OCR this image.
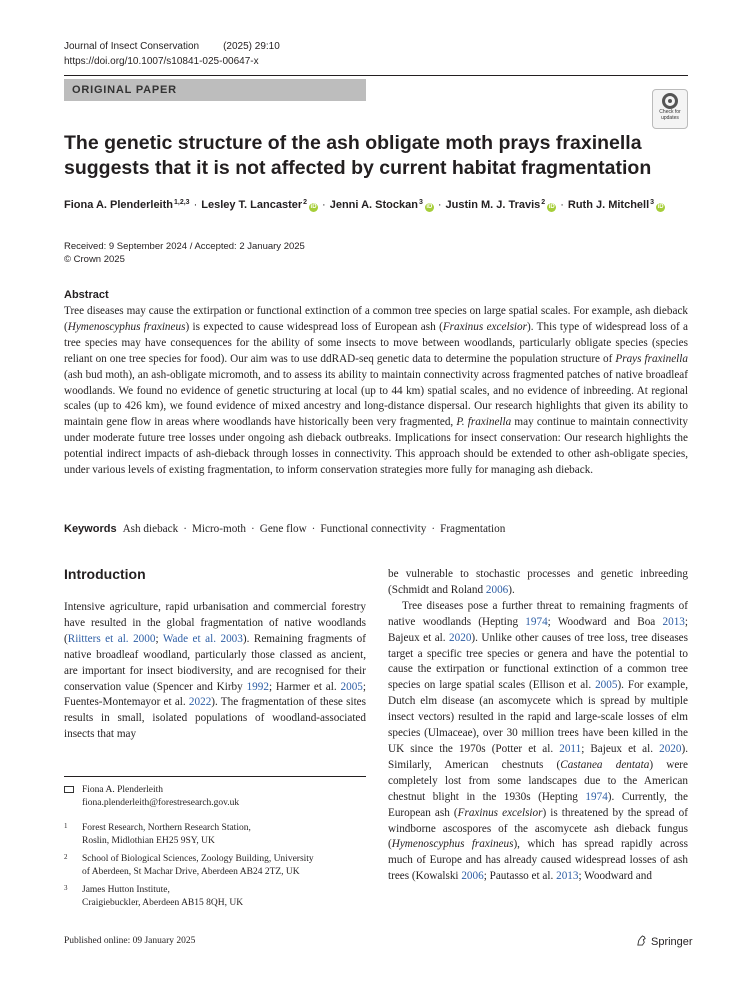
Journal of Insect Conservation (2025) 29:10
https://doi.org/10.1007/s10841-025-00647-x
ORIGINAL PAPER
Check for
updates
The genetic structure of the ash obligate moth prays fraxinella
suggests that it is not affected by current habitat fragmentation
Fiona A. Plenderleith$^{1,2,3}$ · Lesley T. Lancaster$^2$iD · Jenni A. Stockan$^3$iD · Justin M. J. Travis$^2$iD · Ruth J. Mitchell$^3$iD
Received: 9 September 2024 / Accepted: 2 January 2025
© Crown 2025
Abstract
Tree diseases may cause the extirpation or functional extinction of a common tree species on large spatial scales. For example, ash dieback (Hymenoscyphus fraxineus) is expected to cause widespread loss of European ash (Fraxinus excelsior). This type of widespread loss of a tree species may have consequences for the ability of some insects to move between woodlands, particularly obligate species (species reliant on one tree species for food). Our aim was to use ddRAD-seq genetic data to determine the population structure of Prays fraxinella (ash bud moth), an ash-obligate micromoth, and to assess its ability to maintain connectivity across fragmented patches of native broadleaf woodlands. We found no evidence of genetic structuring at local (up to 44 km) spatial scales, and no evidence of inbreeding. At regional scales (up to 426 km), we found evidence of mixed ancestry and long-distance dispersal. Our research highlights that given its ability to maintain gene flow in areas where woodlands have historically been very fragmented, P. fraxinella may continue to maintain connectivity under moderate future tree losses under ongoing ash dieback outbreaks. Implications for insect conservation: Our research highlights the potential indirect impacts of ash-dieback through losses in connectivity. This approach should be extended to other ash-obligate species, under various levels of existing fragmentation, to inform conservation strategies more fully for managing ash dieback.
Keywords Ash dieback · Micro-moth · Gene flow · Functional connectivity · Fragmentation
Introduction

Intensive agriculture, rapid urbanisation and commercial forestry have resulted in the global fragmentation of native woodlands (Riitters et al. 2000; Wade et al. 2003). Remaining fragments of native broadleaf woodland, particularly those classed as ancient, are important for insect biodiversity, and are recognised for their conservation value (Spencer and Kirby 1992; Harmer et al. 2005; Fuentes-Montemayor et al. 2022). The fragmentation of these sites results in small, isolated populations of woodland-associated insects that may

be vulnerable to stochastic processes and genetic inbreeding (Schmidt and Roland 2006).

Tree diseases pose a further threat to remaining fragments of native woodlands (Hepting 1974; Woodward and Boa 2013; Bajeux et al. 2020). Unlike other causes of tree loss, tree diseases target a specific tree species or genera and have the potential to cause the extirpation or functional extinction of a common tree species on large spatial scales (Ellison et al. 2005). For example, Dutch elm disease (an ascomycete which is spread by multiple insect vectors) resulted in the rapid and large-scale losses of elm species (Ulmaceae), over 30 million trees have been killed in the UK since the 1970s (Potter et al. 2011; Bajeux et al. 2020). Similarly, American chestnuts (Castanea dentata) were completely lost from some landscapes due to the American chestnut blight in the 1930s (Hepting 1974). Currently, the European ash (Fraxinus excelsior) is threatened by the spread of windborne ascospores of the ascomycete ash dieback fungus (Hymenoscyphus fraxineus), which has spread rapidly across much of Europe and has already caused widespread losses of ash trees (Kowalski 2006; Pautasso et al. 2013; Woodward and

Fiona A. Plenderleith
fiona.plenderleith@forestresearch.gov.uk
1 Forest Research, Northern Research Station,
Roslin, Midlothian EH25 9SY, UK
2 School of Biological Sciences, Zoology Building, University
of Aberdeen, St Machar Drive, Aberdeen AB24 2TZ, UK
3 James Hutton Institute,
Craigiebuckler, Aberdeen AB15 8QH, UK
Published online: 09 January 2025	Springer
